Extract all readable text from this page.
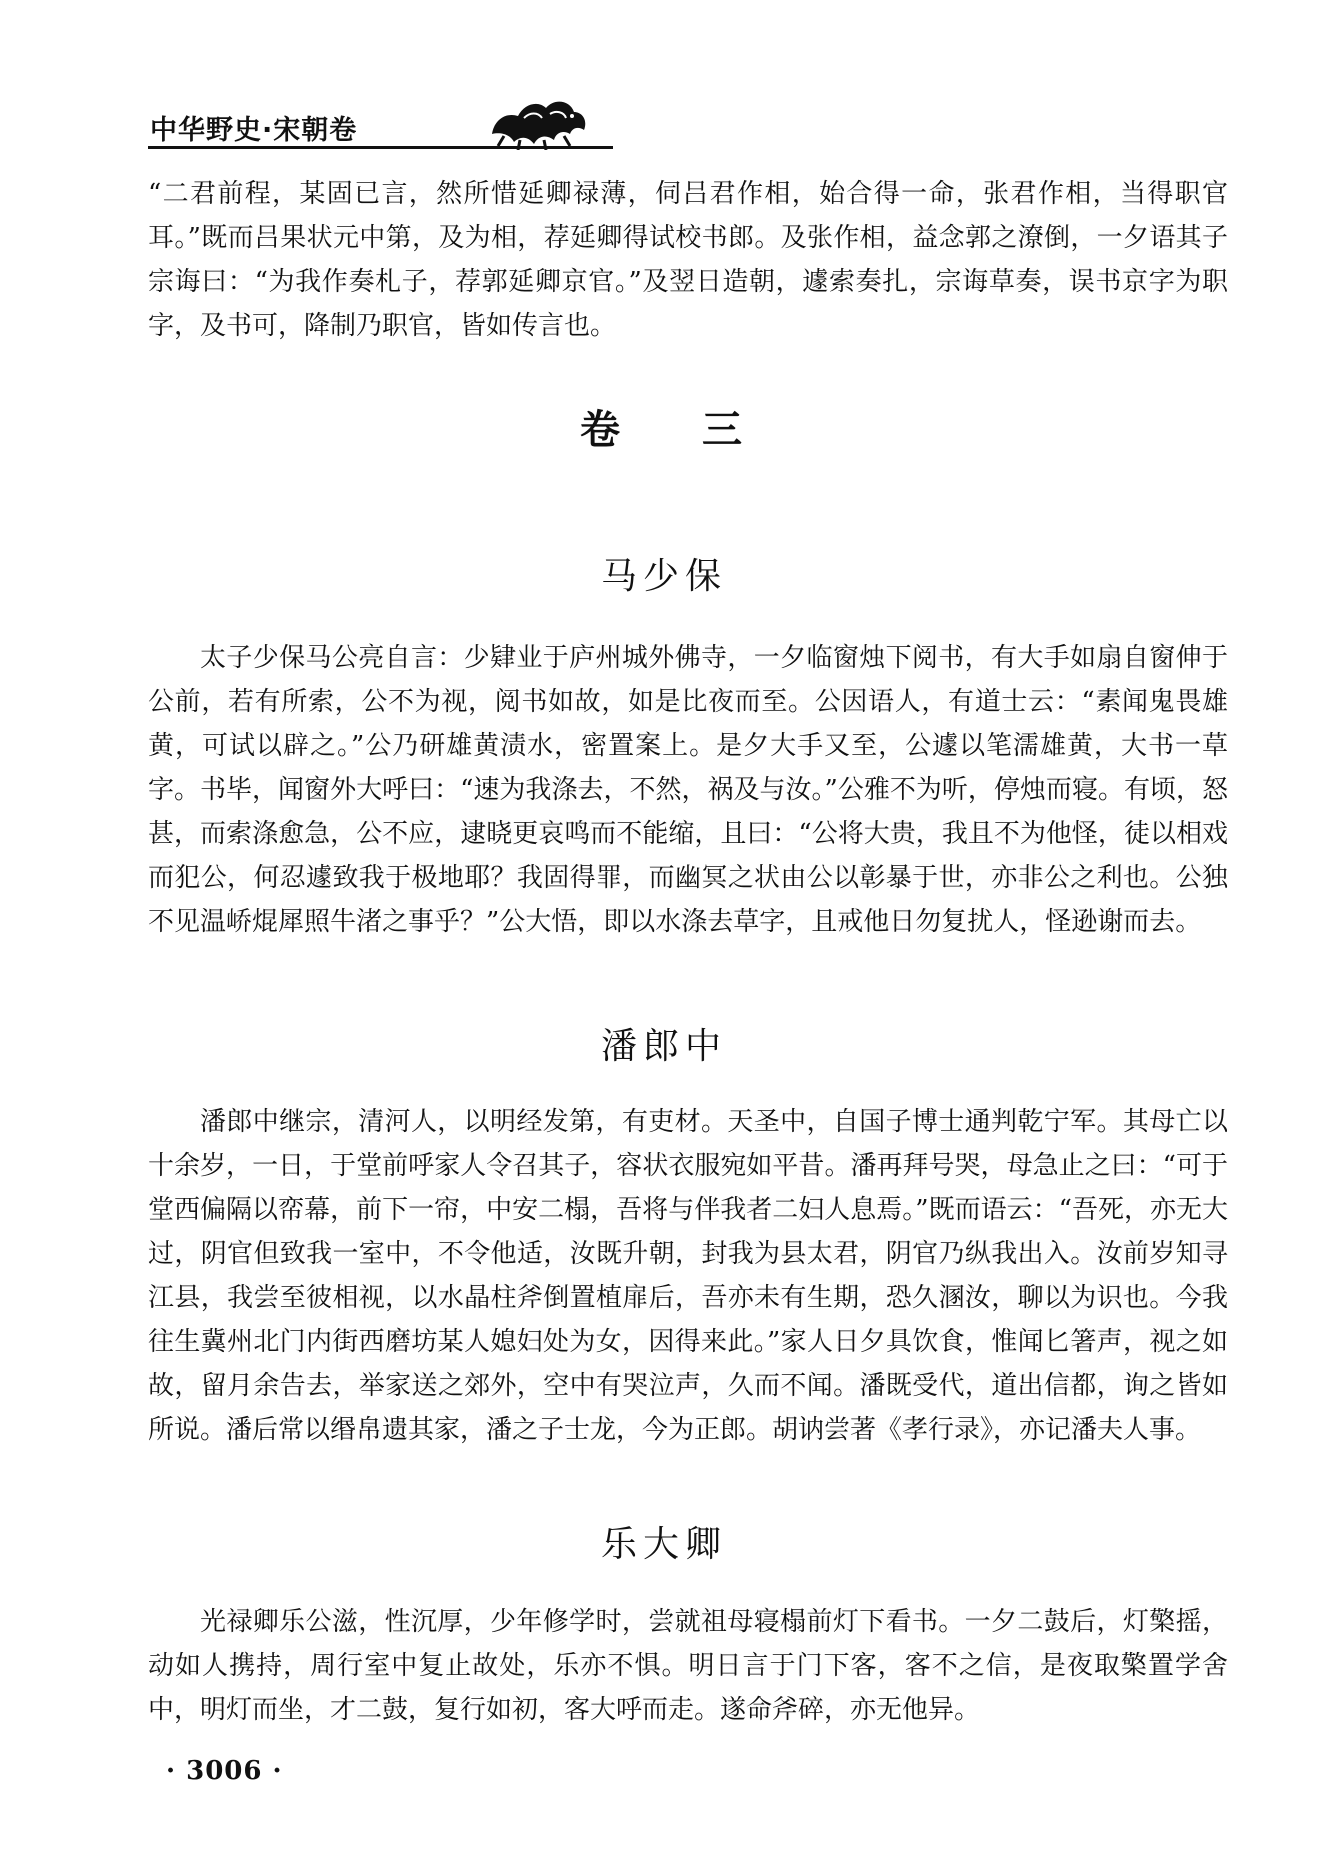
中华野史·宋朝卷

“二君前程，某固已言，然所惜延卿禄薄，伺吕君作相，始合得一命，张君作相，当得职官耳。”既而吕果状元中第，及为相，荐延卿得试校书郎。及张作相，益念郭之潦倒，一夕语其子宗诲曰：“为我作奏札子，荐郭延卿京官。”及翌日造朝，遽索奏扎，宗诲草奏，误书京字为职字，及书可，降制乃职官，皆如传言也。

卷 三
马少保

太子少保马公亮自言：少肄业于庐州城外佛寺，一夕临窗烛下阅书，有大手如扇自窗伸于公前，若有所索，公不为视，阅书如故，如是比夜而至。公因语人，有道士云：“素闻鬼畏雄黄，可试以辟之。”公乃研雄黄渍水，密置案上。是夕大手又至，公遽以笔濡雄黄，大书一草字。书毕，闻窗外大呼曰：“速为我涤去，不然，祸及与汝。”公雅不为听，停烛而寝。有顷，怒甚，而索涤愈急，公不应，逮晓更哀鸣而不能缩，且曰：“公将大贵，我且不为他怪，徒以相戏而犯公，何忍遽致我于极地耶？我固得罪，而幽冥之状由公以彰暴于世，亦非公之利也。公独不见温峤焜犀照牛渚之事乎？”公大悟，即以水涤去草字，且戒他日勿复扰人，怪逊谢而去。

潘郎中

潘郎中继宗，清河人，以明经发第，有吏材。天圣中，自国子博士通判乾宁军。其母亡以十余岁，一日，于堂前呼家人令召其子，容状衣服宛如平昔。潘再拜号哭，母急止之曰：“可于堂西偏隔以帟幕，前下一帘，中安二榻，吾将与伴我者二妇人息焉。”既而语云：“吾死，亦无大过，阴官但致我一室中，不令他适，汝既升朝，封我为县太君，阴官乃纵我出入。汝前岁知寻江县，我尝至彼相视，以水晶柱斧倒置植扉后，吾亦未有生期，恐久溷汝，聊以为识也。今我往生冀州北门内街西磨坊某人媳妇处为女，因得来此。”家人日夕具饮食，惟闻匕箸声，视之如故，留月余告去，举家送之郊外，空中有哭泣声，久而不闻。潘既受代，道出信都，询之皆如所说。潘后常以缗帛遗其家，潘之子士龙，今为正郎。胡讷尝著《孝行录》，亦记潘夫人事。

乐大卿

光禄卿乐公滋，性沉厚，少年修学时，尝就祖母寝榻前灯下看书。一夕二鼓后，灯檠摇，动如人携持，周行室中复止故处，乐亦不惧。明日言于门下客，客不之信，是夜取檠置学舍中，明灯而坐，才二鼓，复行如初，客大呼而走。遂命斧碎，亦无他异。

· 3006 ·
